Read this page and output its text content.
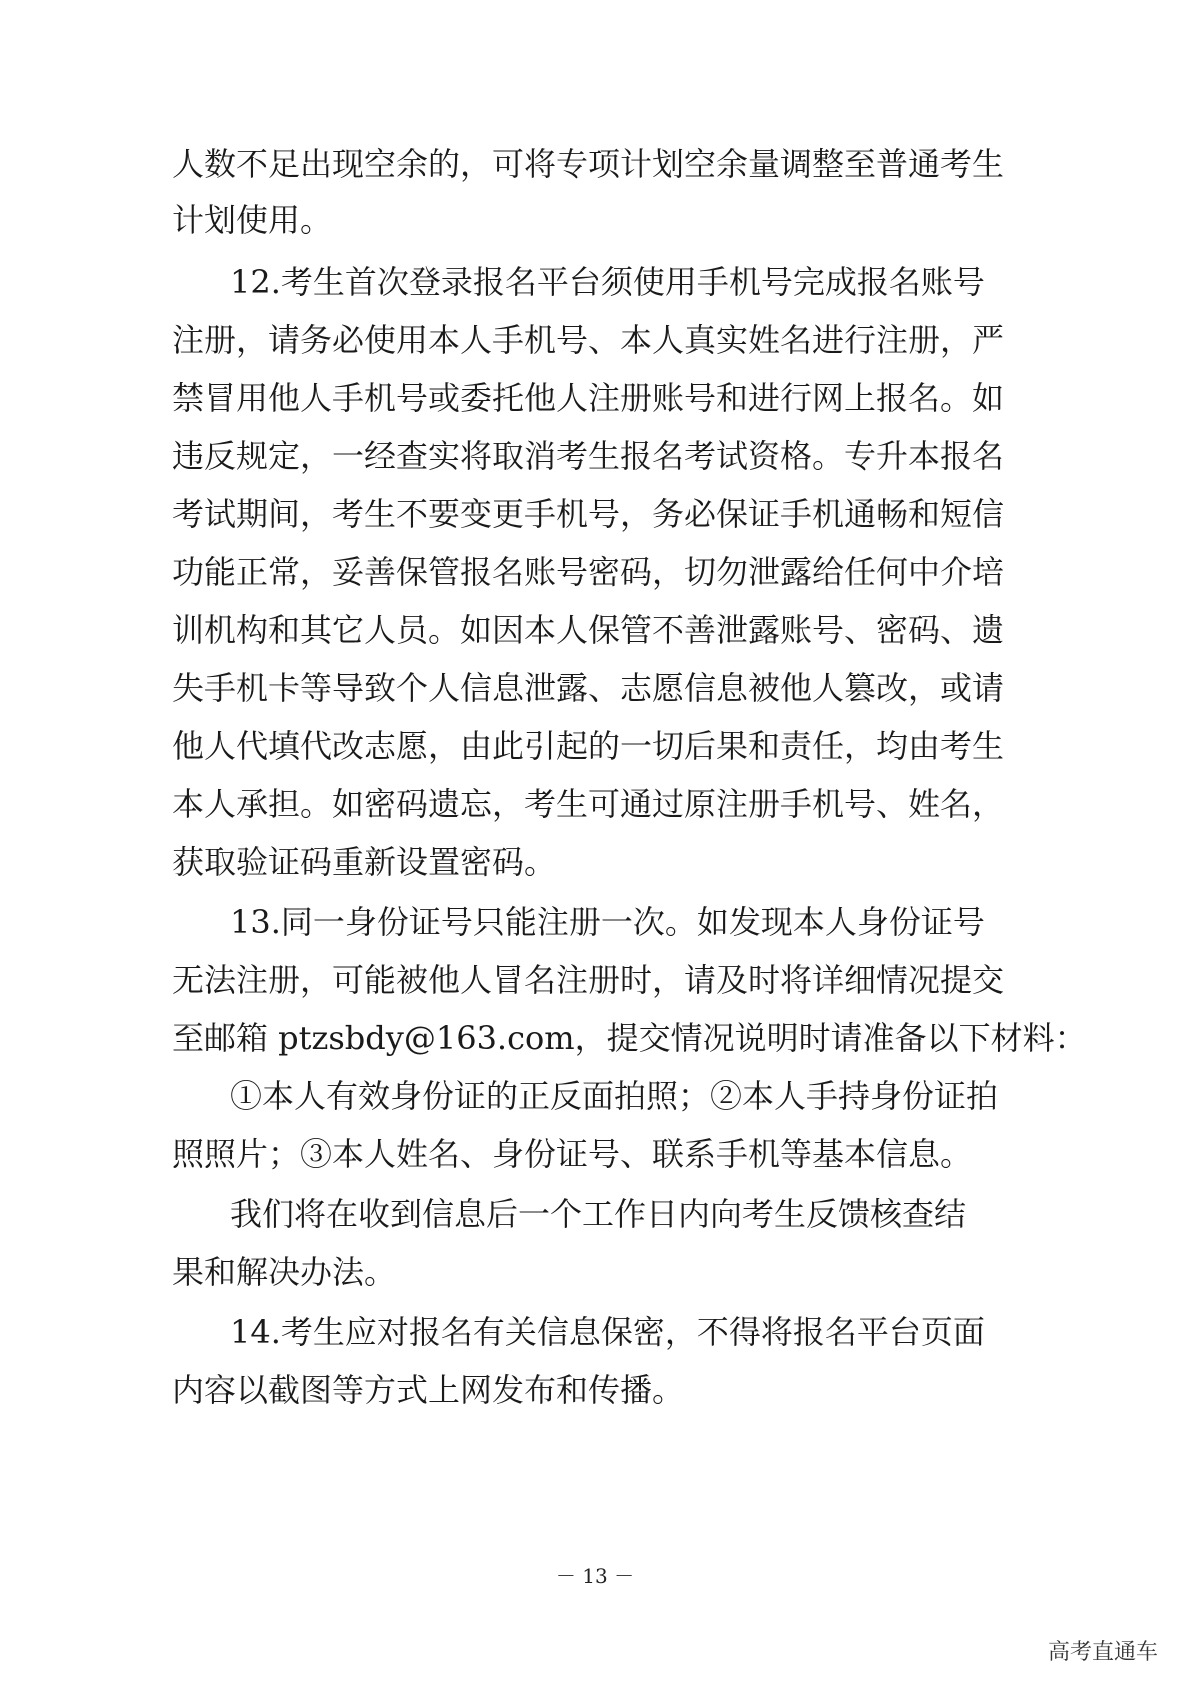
人数不足出现空余的，可将专项计划空余量调整至普通考生
计划使用。
12.考生首次登录报名平台须使用手机号完成报名账号
注册，请务必使用本人手机号、本人真实姓名进行注册，严
禁冒用他人手机号或委托他人注册账号和进行网上报名。如
违反规定，一经查实将取消考生报名考试资格。专升本报名
考试期间，考生不要变更手机号，务必保证手机通畅和短信
功能正常，妥善保管报名账号密码，切勿泄露给任何中介培
训机构和其它人员。如因本人保管不善泄露账号、密码、遗
失手机卡等导致个人信息泄露、志愿信息被他人篡改，或请
他人代填代改志愿，由此引起的一切后果和责任，均由考生
本人承担。如密码遗忘，考生可通过原注册手机号、姓名，
获取验证码重新设置密码。
13.同一身份证号只能注册一次。如发现本人身份证号
无法注册，可能被他人冒名注册时，请及时将详细情况提交
至邮箱 ptzsbdy@163.com，提交情况说明时请准备以下材料：
①本人有效身份证的正反面拍照；②本人手持身份证拍
照照片；③本人姓名、身份证号、联系手机等基本信息。
我们将在收到信息后一个工作日内向考生反馈核查结
果和解决办法。
14.考生应对报名有关信息保密，不得将报名平台页面
内容以截图等方式上网发布和传播。
－ 13 －
高考直通车
